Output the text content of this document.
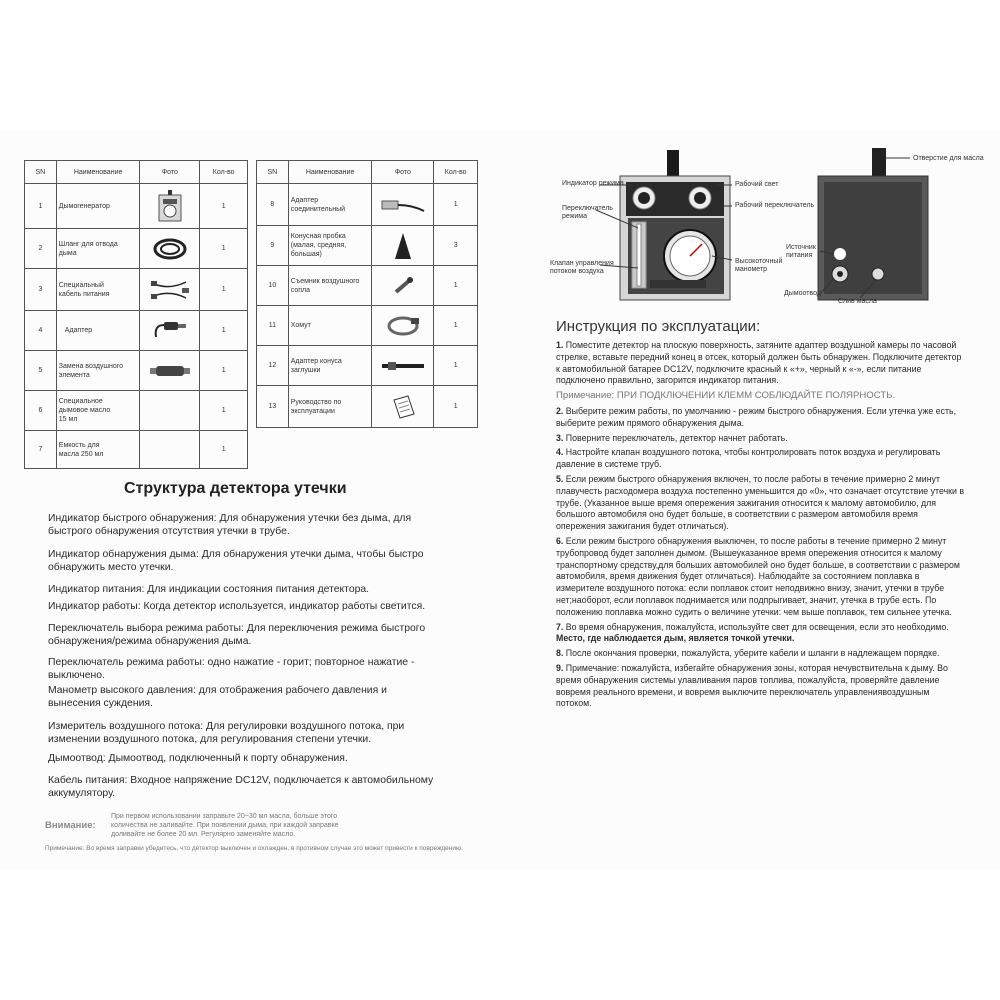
SN	Наименование	Фото	Кол-во
1	Дымогенератор		1
2	Шланг для отвода
дыма		1
3	Специальный
кабель питания		1
4	Адаптер		1
5	Замена воздушного
элемента		1
6	Специальное
дымовое масло
15 мл		1
7	Емкость для
масла 250 мл		1
SN	Наименование	Фото	Кол-во
8	Адаптер
соединительный		1
9	Конусная пробка
(малая, средняя,
большая)		3
10	Съемник воздушного
сопла		1
11	Хомут		1
12	Адаптер конуса
заглушки		1
13	Руководство по
эксплуатации		1
Структура детектора утечки

Индикатор быстрого обнаружения: Для обнаружения утечки без дыма, для

быстрого обнаружения отсутствия утечки в трубе.

Индикатор обнаружения дыма: Для обнаружения утечки дыма, чтобы быстро

обнаружить место утечки.

Индикатор питания: Для индикации состояния питания детектора.

Индикатор работы: Когда детектор используется, индикатор работы светится.

Переключатель выбора режима работы: Для переключения режима быстрого

обнаружения/режима обнаружения дыма.

Переключатель режима работы: одно нажатие - горит; повторное нажатие -

выключено.

Манометр высокого давления: для отображения рабочего давления и

вынесения суждения.

Измеритель воздушного потока: Для регулировки воздушного потока, при

изменении воздушного потока, для регулирования степени утечки.

Дымоотвод: Дымоотвод, подключенный к порту обнаружения.

Кабель питания: Входное напряжение DC12V, подключается к автомобильному

аккумулятору.

Внимание:
При первом использовании заправьте 20~30 мл масла, больше этого
количества не заливайте. При появлении дыма, при каждой заправке
доливайте не более 20 мл. Регулярно заменяйте масло.
Примечание: Во время заправки убедитесь, что детектор выключен и охлажден, в противном случае это может привести к повреждению.
Индикатор режима
Переключатель
режима
Клапан управления
потоком воздуха
Рабочий свет
Рабочий переключатель
Высокоточный
манометр
Отверстие для масла
Источник
питания
Дымоотвод
Слив масла
Инструкция по эксплуатации:

1. Поместите детектор на плоскую поверхность, затяните адаптер воздушной камеры по часовой стрелке, вставьте передний конец в отсек, который должен быть обнаружен. Подключите детектор к автомобильной батарее DC12V, подключите красный к «+», черный к «-», если питание подключено правильно, загорится индикатор питания.

Примечание: ПРИ ПОДКЛЮЧЕНИИ КЛЕММ СОБЛЮДАЙТЕ ПОЛЯРНОСТЬ.

2. Выберите режим работы, по умолчанию - режим быстрого обнаружения. Если утечка уже есть, выберите режим прямого обнаружения дыма.

3. Поверните переключатель, детектор начнет работать.

4. Настройте клапан воздушного потока, чтобы контролировать поток воздуха и регулировать давление в системе труб.

5. Если режим быстрого обнаружения включен, то после работы в течение примерно 2 минут плавучесть расходомера воздуха постепенно уменьшится до «0», что означает отсутствие утечки в трубе. (Указанное выше время опережения зажигания относится к малому автомобилю, для большого автомобиля оно будет больше, в соответствии с размером автомобиля время опережения зажигания будет отличаться).

6. Если режим быстрого обнаружения выключен, то после работы в течение примерно 2 минут трубопровод будет заполнен дымом. (Вышеуказанное время опережения относится к малому транспортному средству,для больших автомобилей оно будет больше, в соответствии с размером автомобиля, время движения будет отличаться). Наблюдайте за состоянием поплавка в измерителе воздушного потока: если поплавок стоит неподвижно внизу, значит, утечки в трубе нет;наоборот, если поплавок поднимается или подпрыгивает, значит, утечка в трубе есть. По положению поплавка можно судить о величине утечки: чем выше поплавок, тем сильнее утечка.

7. Во время обнаружения, пожалуйста, используйте свет для освещения, если это необходимо. Место, где наблюдается дым, является точкой утечки.

8. После окончания проверки, пожалуйста, уберите кабели и шланги в надлежащем порядке.

9. Примечание: пожалуйста, избегайте обнаружения зоны, которая нечувствительна к дыму. Во время обнаружения системы улавливания паров топлива, пожалуйста, проверяйте давление вовремя реального времени, и вовремя выключите переключатель управлениявоздушным потоком.
